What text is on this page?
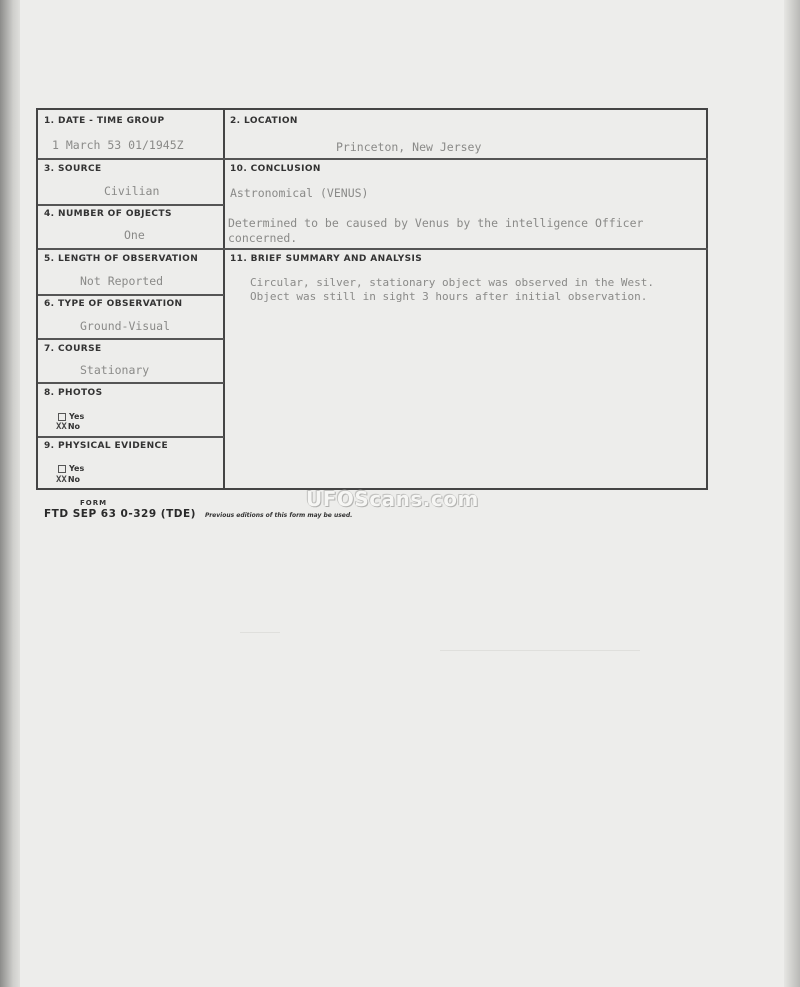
1. DATE - TIME GROUP
1 March 53 01/1945Z
2. LOCATION
Princeton, New Jersey
3. SOURCE
Civilian
10. CONCLUSION
Astronomical (VENUS)
Determined to be caused by Venus by the intelligence Officer concerned.
4. NUMBER OF OBJECTS
One
5. LENGTH OF OBSERVATION
Not Reported
11. BRIEF SUMMARY AND ANALYSIS
Circular, silver, stationary object was observed in the West.
Object was still in sight 3 hours after initial observation.
6. TYPE OF OBSERVATION
Ground-Visual
7. COURSE
Stationary
8. PHOTOS
Yes
XXNo
9. PHYSICAL EVIDENCE
Yes
XXNo
FORM
FTD SEP 63 0-329 (TDE) Previous editions of this form may be used.
UFOScans.com
